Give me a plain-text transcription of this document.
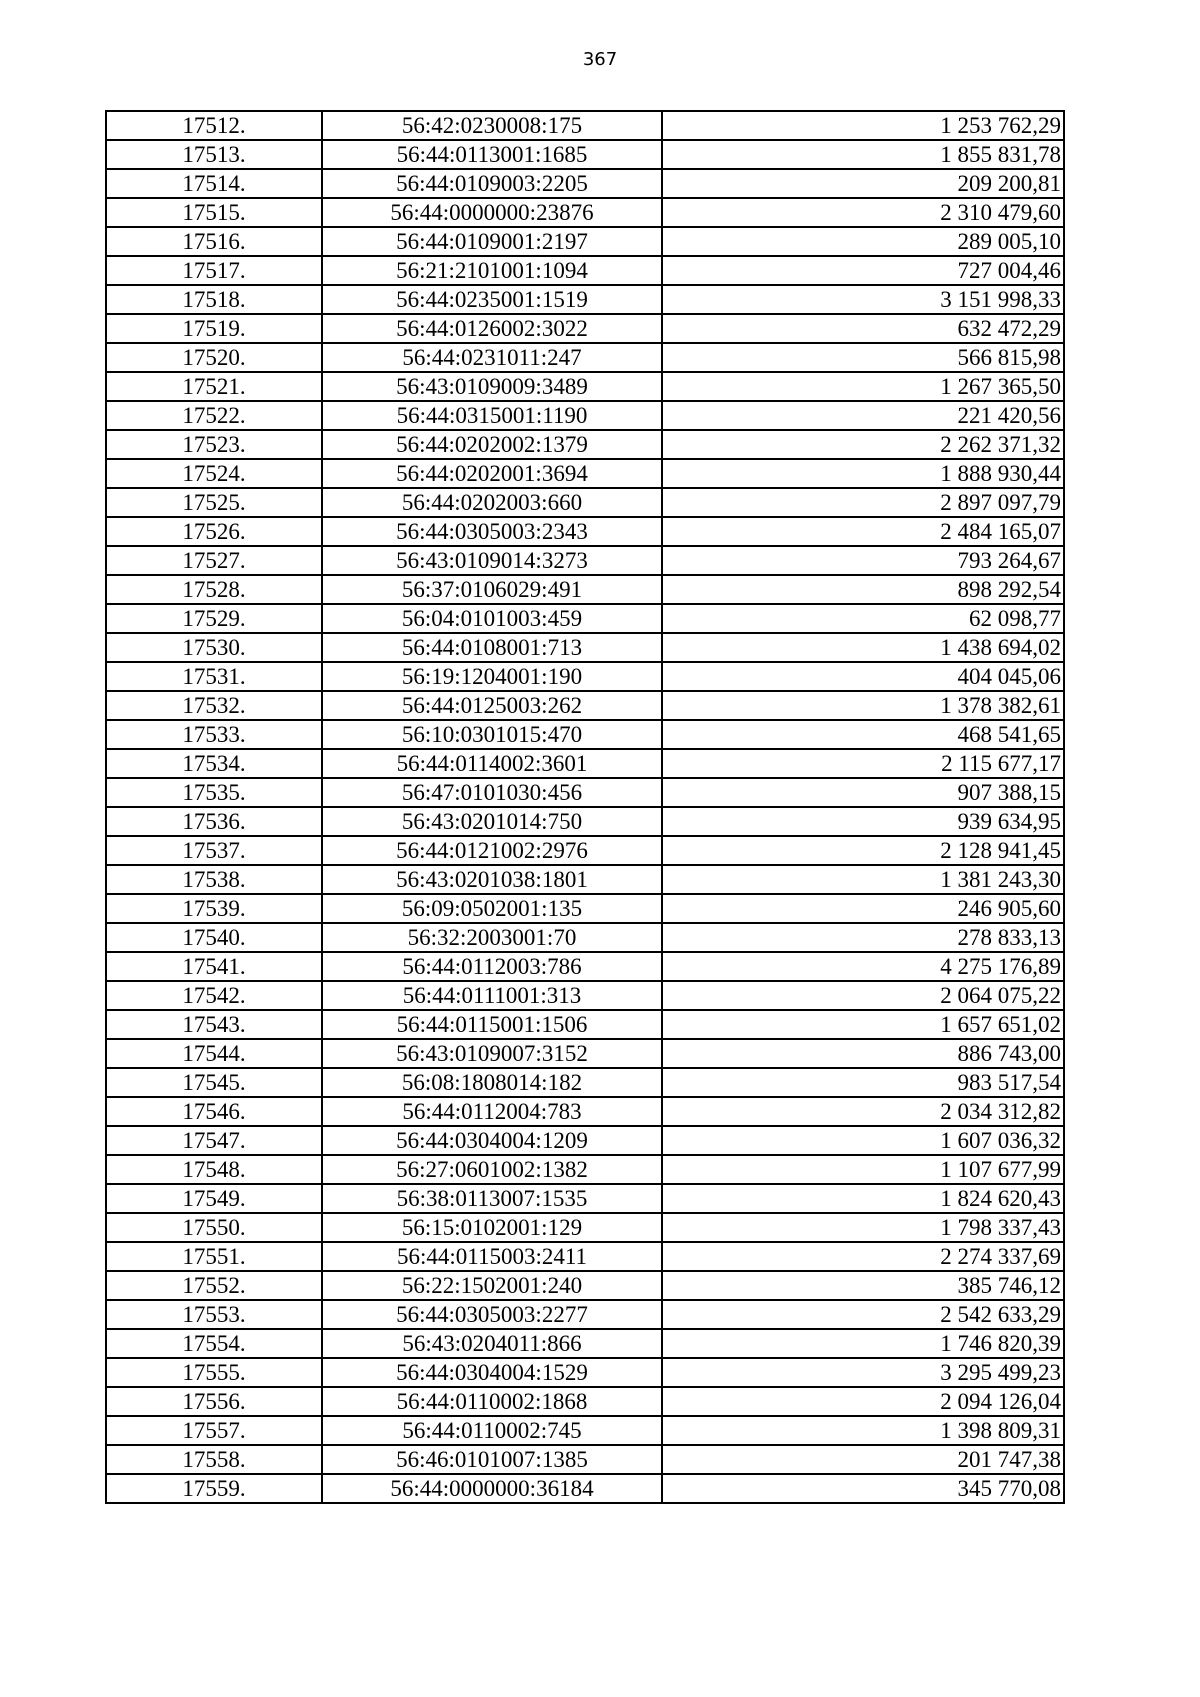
367
17512.	56:42:0230008:175	1 253 762,29
17513.	56:44:0113001:1685	1 855 831,78
17514.	56:44:0109003:2205	209 200,81
17515.	56:44:0000000:23876	2 310 479,60
17516.	56:44:0109001:2197	289 005,10
17517.	56:21:2101001:1094	727 004,46
17518.	56:44:0235001:1519	3 151 998,33
17519.	56:44:0126002:3022	632 472,29
17520.	56:44:0231011:247	566 815,98
17521.	56:43:0109009:3489	1 267 365,50
17522.	56:44:0315001:1190	221 420,56
17523.	56:44:0202002:1379	2 262 371,32
17524.	56:44:0202001:3694	1 888 930,44
17525.	56:44:0202003:660	2 897 097,79
17526.	56:44:0305003:2343	2 484 165,07
17527.	56:43:0109014:3273	793 264,67
17528.	56:37:0106029:491	898 292,54
17529.	56:04:0101003:459	62 098,77
17530.	56:44:0108001:713	1 438 694,02
17531.	56:19:1204001:190	404 045,06
17532.	56:44:0125003:262	1 378 382,61
17533.	56:10:0301015:470	468 541,65
17534.	56:44:0114002:3601	2 115 677,17
17535.	56:47:0101030:456	907 388,15
17536.	56:43:0201014:750	939 634,95
17537.	56:44:0121002:2976	2 128 941,45
17538.	56:43:0201038:1801	1 381 243,30
17539.	56:09:0502001:135	246 905,60
17540.	56:32:2003001:70	278 833,13
17541.	56:44:0112003:786	4 275 176,89
17542.	56:44:0111001:313	2 064 075,22
17543.	56:44:0115001:1506	1 657 651,02
17544.	56:43:0109007:3152	886 743,00
17545.	56:08:1808014:182	983 517,54
17546.	56:44:0112004:783	2 034 312,82
17547.	56:44:0304004:1209	1 607 036,32
17548.	56:27:0601002:1382	1 107 677,99
17549.	56:38:0113007:1535	1 824 620,43
17550.	56:15:0102001:129	1 798 337,43
17551.	56:44:0115003:2411	2 274 337,69
17552.	56:22:1502001:240	385 746,12
17553.	56:44:0305003:2277	2 542 633,29
17554.	56:43:0204011:866	1 746 820,39
17555.	56:44:0304004:1529	3 295 499,23
17556.	56:44:0110002:1868	2 094 126,04
17557.	56:44:0110002:745	1 398 809,31
17558.	56:46:0101007:1385	201 747,38
17559.	56:44:0000000:36184	345 770,08
